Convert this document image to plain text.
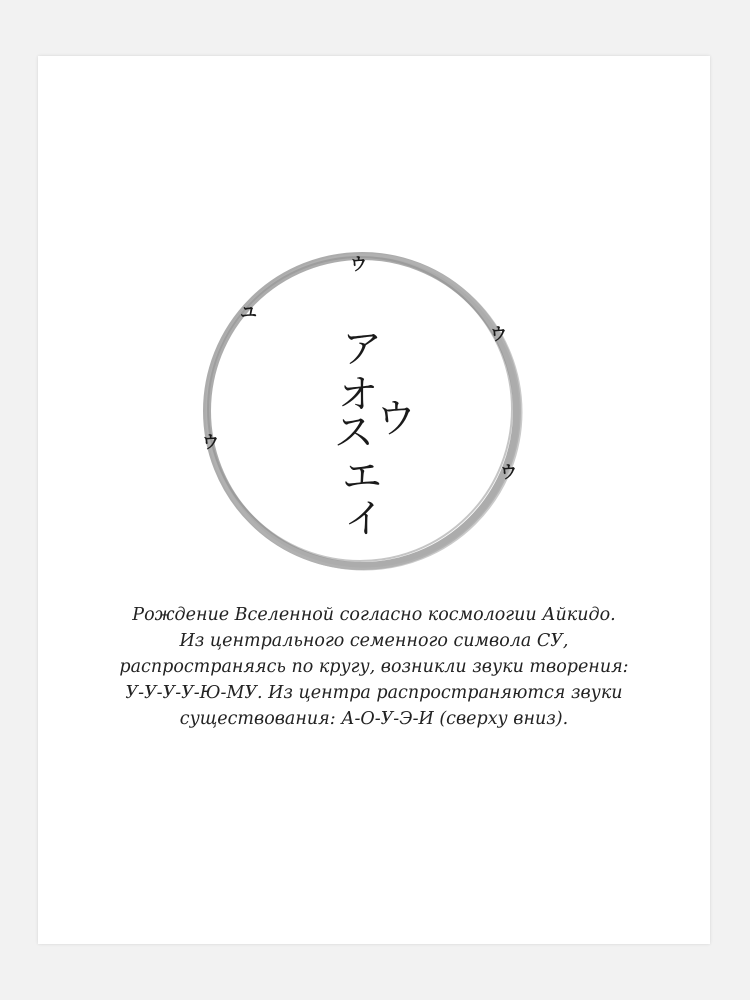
ウ
ウ
ウ
ウ
ユ
ア
オ
ス ウ
エ
イ

Рождение Вселенной согласно космологии Айкидо.
Из центрального семенного символа СУ,
распространяясь по кругу, возникли звуки творения:
У-У-У-У-Ю-МУ. Из центра распространяются звуки
существования: А-О-У-Э-И (сверху вниз).
